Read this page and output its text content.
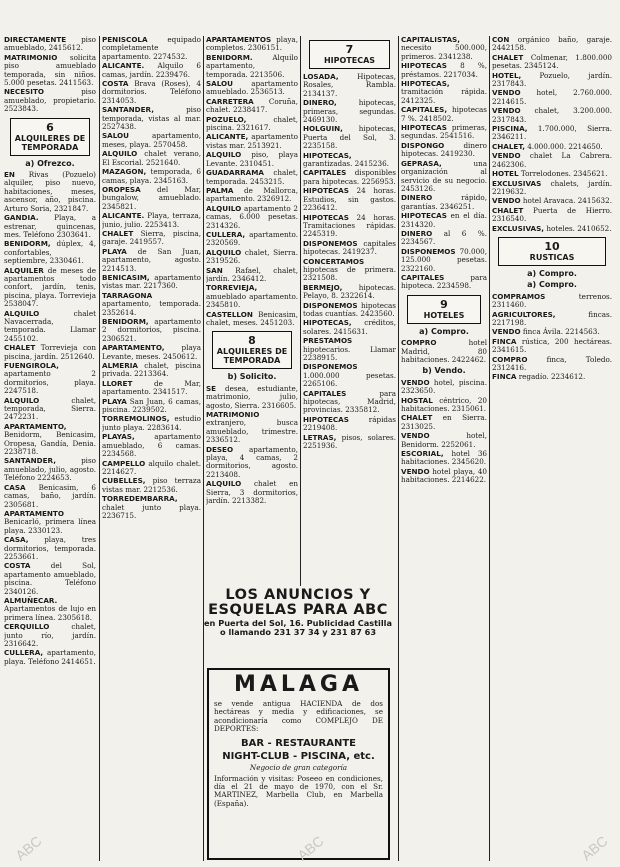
DIRECTAMENTE piso amueblado, 2415612.

MATRIMONIO solicita piso amueblado temporada, sin niños. 5.000 pesetas. 2411563.

NECESITO	piso amueblado, propietario. 2523843.

6
ALQUILERES DE TEMPORADA
a) Ofrezco.

EN Rivas (Pozuelo) alquiler, piso nuevo, habitaciones, meses, ascensor, año, piscina. Arturo Soria, 2321847.

GANDIA. Playa, a estrenar, quincenas, mes. Teléfono 2303641.

BENIDORM, dúplex, 4, confortables, septiembre, 2330461.

ALQUILER de meses de apartamentos todo confort, jardín, tenis, piscina, playa. Torrevieja 2538047.

ALQUILO	chalet Navacerrada, temporada. Llamar 2455102.

CHALET Torrevieja con piscina, jardín. 2512640.

FUENGIROLA, apartamento 2 dormitorios, playa. 2247518.

ALQUILO	chalet, temporada, Sierra. 2472231.

APARTAMENTO, Benidorm, Benicasim, Oropesa, Gandía, Denia. 2238718.

SANTANDER,	piso amueblado, julio, agosto. Teléfono 2224653.

CASA Benicasim, 6 camas, baño, jardín. 2305681.

APARTAMENTO Benicarló, primera línea playa. 2330123.

CASA, playa, tres dormitorios, temporada. 2253661.

COSTA	del Sol, apartamento amueblado, piscina. Teléfono 2340126.

ALMUÑECAR. Apartamentos de lujo en primera línea. 2305618.

CERQUILLO	chalet, junto río, jardín. 2316642.

CULLERA, apartamento, playa. Teléfono 2414651.

PEÑISCOLA	equipado completamente apartamento. 2274532.

ALICANTE. Alquilo 6 camas, jardín. 2239476.

COSTA Brava (Roses), 4 dormitorios. Teléfono 2314053.

SANTANDER,	piso temporada, vistas al mar. 2527438.

SALOU	apartamento, meses, playa. 2570458.

ALQUILO chalet verano, El Escorial. 2521640.

MAZAGON, temporada, 6 camas, playa. 2345163.

OROPESA del Mar, bungalow, amueblado. 2345821.

ALICANTE. Playa, terraza, junio, julio. 2253413.

CHALET Sierra, piscina, garaje. 2419557.

PLAYA de San Juan, apartamento, agosto. 2214513.

BENICASIM, apartamento vistas mar. 2217360.

TARRAGONA apartamento, temporada. 2352614.

BENIDORM, apartamento 2 dormitorios, piscina. 2306521.

APARTAMENTO, playa Levante, meses. 2450612.

ALMERIA chalet, piscina privada. 2213364.

LLORET	de Mar, apartamento. 2341517.

PLAYA San Juan, 6 camas, piscina. 2239502.

TORREMOLINOS, estudio junto playa. 2283614.

PLAYAS,	apartamento amueblado, 6 camas. 2234568.

CAMPELLO alquilo chalet. 2214627.

CUBELLES, piso terraza vistas mar. 2212536.

TORREDEMBARRA, chalet junto playa. 2236715.

APARTAMENTOS playa, completos. 2306151.

BENIDORM.	Alquilo apartamento, temporada. 2213506.

SALOU	apartamento amueblado. 2536513.

CARRETERA Coruña, chalet. 2238417.

POZUELO,	chalet, piscina. 2321617.

ALICANTE, apartamento vistas mar. 2513921.

ALQUILO piso, playa Levante. 2310451.

GUADARRAMA chalet, temporada. 2453215.

PALMA de Mallorca, apartamento. 2326912.

ALQUILO apartamento 2 camas, 6.000 pesetas. 2314326.

CULLERA, apartamento. 2320569.

ALQUILO chalet, Sierra. 2319526.

SAN Rafael, chalet, jardín. 2346412.

TORREVIEJA, amueblado apartamento. 2345810.

CASTELLON Benicasim, chalet, meses. 2451203.

8
ALQUILERES DE TEMPORADA
b) Solicito.

SE desea, estudiante, matrimonio, julio, agosto, Sierra. 2316605.

MATRIMONIO extranjero, busca amueblado, trimestre. 2336512.

DESEO apartamento, playa, 4 camas, 2 dormitorios, agosto. 2213408.

ALQUILO chalet en Sierra, 3 dormitorios, jardín. 2213382.

7
HIPOTECAS

LOSADA,	Hipotecas, Rosales, Rambla. 2134137.

DINERO,	hipotecas, primeras, segundas. 2469130.

HOLGUIN, hipotecas, Puerta del Sol, 3. 2235158.

HIPOTECAS, garantizadas. 2415236.

CAPITALES disponibles para hipotecas. 2256953.

HIPOTECAS 24 horas. Estudios, sin gastos. 2236412.

HIPOTECAS 24 horas. Tramitaciones rápidas. 2245319.

DISPONEMOS capitales hipotecas. 2419237.

CONCERTAMOS hipotecas de primera. 2321508.

BERMEJO, hipotecas. Pelayo, 8. 2322614.

DISPONEMOS hipotecas todas cuantías. 2423560.

HIPOTECAS, créditos, solares. 2415631.

PRESTAMOS hipotecarios. Llamar 2238915.

DISPONEMOS 1.000.000 pesetas. 2265106.

CAPITALES	para hipotecas, Madrid, provincias. 2335812.

HIPOTECAS	rápidas 2219408.

LETRAS, pisos, solares. 2251936.

CAPITALISTAS, necesito 500.000, primeros. 2341238.

HIPOTECAS 8 %, préstamos. 2217034.

HIPOTECAS, tramitación rápida. 2412325.

CAPITALES, hipotecas 7 %. 2418502.

HIPOTECAS primeras, segundas. 2541516.

DISPONGO	dinero hipotecas. 2419230.

GEPRASA,	una organización al servicio de su negocio. 2453126.

DINERO	rápido, garantías. 2346251.

HIPOTECAS en el día. 2314320.

DINERO al 6 %. 2234567.

DISPONEMOS 70.000, 125.000 pesetas. 2322160.

CAPITALES	para hipoteca. 2234598.

9
HOTELES
a) Compro.

COMPRO	hotel Madrid, 80 habitaciones. 2422462.

b) Vendo.

VENDO hotel, piscina. 2323650.

HOSTAL céntrico, 20 habitaciones. 2315061.

CHALET en Sierra. 2313025.

VENDO	hotel, Benidorm. 2252061.

ESCORIAL, hotel 36 habitaciones. 2345620.

VENDO hotel playa, 40 habitaciones. 2214622.

CON orgánico baño, garaje. 2442158.

CHALET Colmenar, 1.800.000 pesetas. 2345124.

HOTEL,	Pozuelo, jardín. 2317843.

VENDO hotel, 2.760.000. 2214615.

VENDO chalet, 3.200.000. 2317843.

PISCINA, 1.700.000, Sierra. 2346211.

CHALET, 4.000.000. 2214650.

VENDO chalet La Cabrera. 2462306.

HOTEL Torrelodones. 2345621.

EXCLUSIVAS chalets, jardín. 2219632.

VENDO hotel Aravaca. 2415632.

CHALET Puerta de Hierro. 2316540.

EXCLUSIVAS, hoteles. 2410652.

10
RUSTICAS
a) Compro.
a) Compro.

COMPRAMOS	terrenos. 2311460.

AGRICULTORES,	fincas. 2217198.

VENDO finca Ávila. 2214563.

FINCA rústica, 200 hectáreas. 2341615.

COMPRO	finca, Toledo. 2312416.

FINCA regadío. 2234612.

LOS ANUNCIOS Y ESQUELAS PARA ABC
en Puerta del Sol, 16. Publicidad Castilla o llamando 231 37 34 y 231 87 63
MALAGA
se vende antigua HACIENDA de dos hectáreas y media y edificaciones, se acondicionaría como COMPLEJO DE DEPORTES:
BAR - RESTAURANTE
NIGHT-CLUB - PISCINA, etc.
Negocio de gran categoría
Información y visitas: Poseeo en condiciones, día el 21 de mayo de 1970, con el Sr. MARTINEZ, Marbella Club, en Marbella (España).
ABC	ABC	ABC
